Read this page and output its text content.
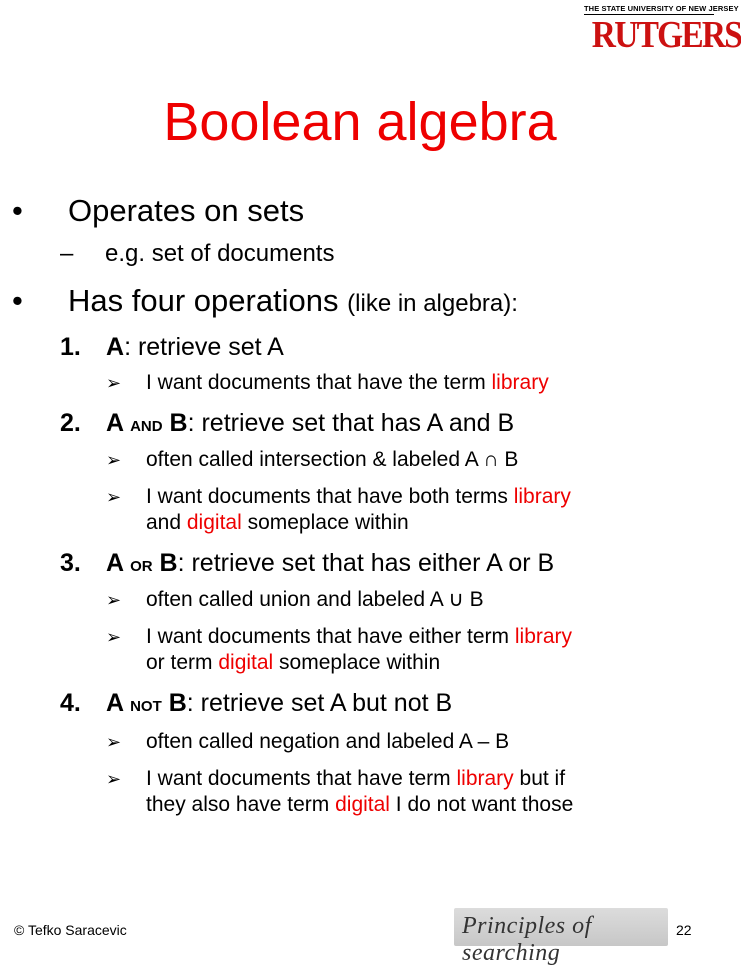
THE STATE UNIVERSITY OF NEW JERSEY
RUTGERS
Boolean algebra
• Operates on sets
– e.g. set of documents
• Has four operations (like in algebra):
1. A: retrieve set A
➢ I want documents that have the term library
2. A AND B: retrieve set that has A and B
➢ often called intersection & labeled A ∩ B
➢ I want documents that have both terms library
and digital someplace within
3. A OR B: retrieve set that has either A or B
➢ often called union and labeled A ∪ B
➢ I want documents that have either term library
or term digital someplace within
4. A NOT B: retrieve set A but not B
➢ often called negation and labeled A – B
➢ I want documents that have term library but if
they also have term digital I do not want those
© Tefko Saracevic	Principles of searching
22
